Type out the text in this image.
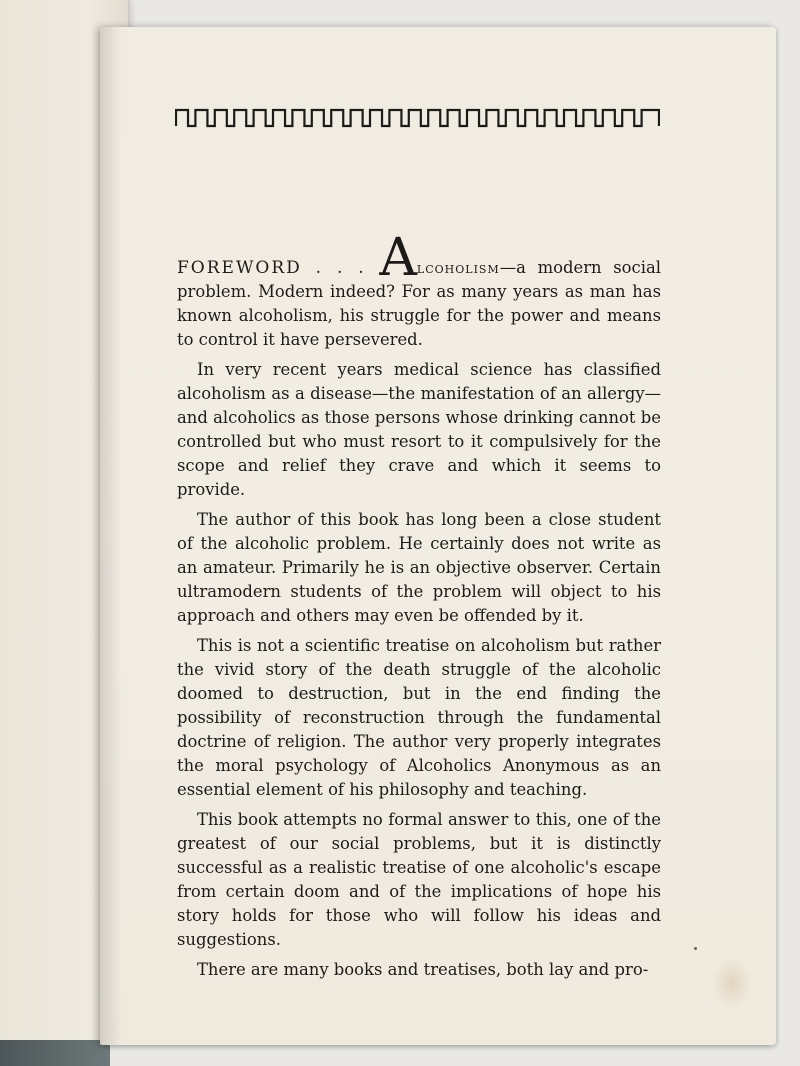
FOREWORD . . . Alcoholism—a modern social problem. Modern indeed? For as many years as man has known alcoholism, his struggle for the power and means to control it have persevered.

In very recent years medical science has classified alcoholism as a disease—the manifestation of an allergy—and alcoholics as those persons whose drinking cannot be controlled but who must resort to it compulsively for the scope and relief they crave and which it seems to provide.

The author of this book has long been a close student of the alcoholic problem. He certainly does not write as an amateur. Primarily he is an objective observer. Certain ultramodern students of the problem will object to his approach and others may even be offended by it.

This is not a scientific treatise on alcoholism but rather the vivid story of the death struggle of the alcoholic doomed to destruction, but in the end finding the possibility of reconstruction through the fundamental doctrine of religion. The author very properly integrates the moral psychology of Alcoholics Anonymous as an essential element of his philosophy and teaching.

This book attempts no formal answer to this, one of the greatest of our social problems, but it is distinctly successful as a realistic treatise of one alcoholic's escape from certain doom and of the implications of hope his story holds for those who will follow his ideas and suggestions.

There are many books and treatises, both lay and pro-
